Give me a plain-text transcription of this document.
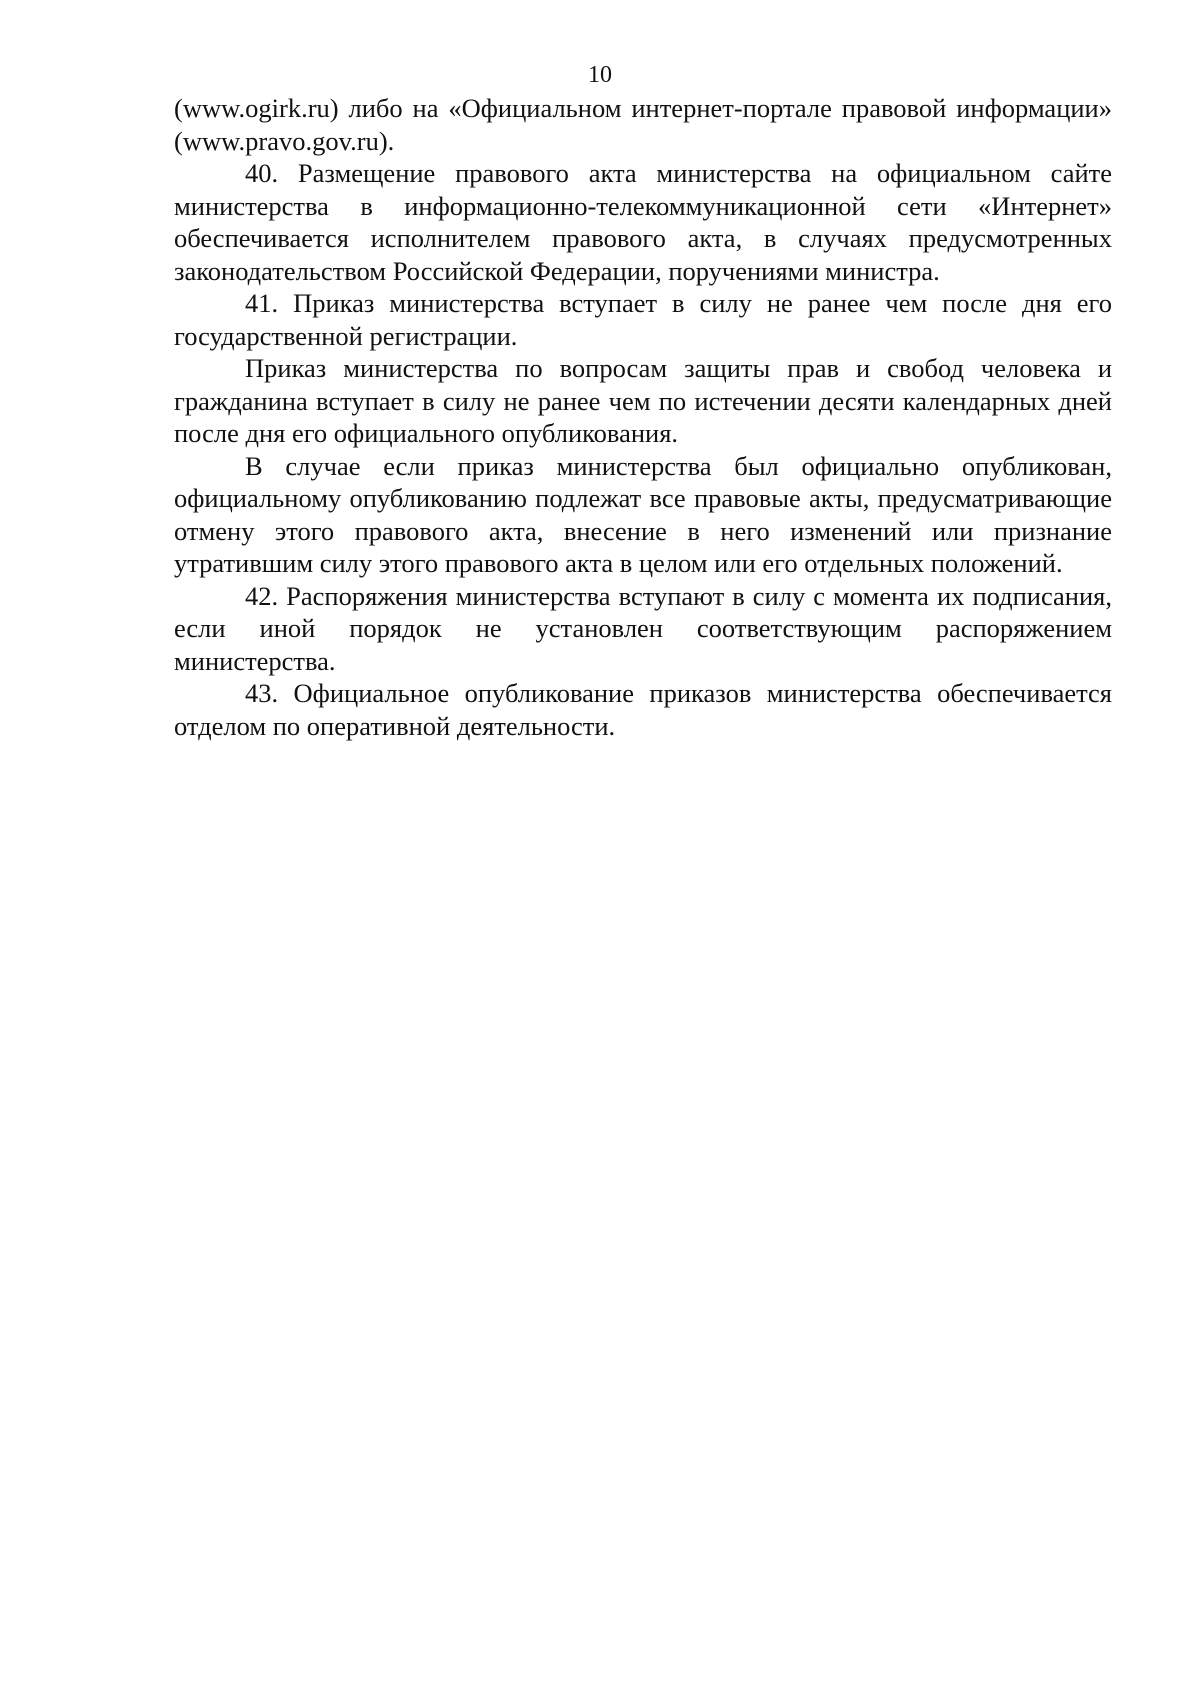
10

(www.ogirk.ru) либо на «Официальном интернет-портале правовой информации» (www.pravo.gov.ru).

40. Размещение правового акта министерства на официальном сайте министерства в информационно-телекоммуникационной сети «Интернет» обеспечивается исполнителем правового акта, в случаях предусмотренных законодательством Российской Федерации, поручениями министра.

41. Приказ министерства вступает в силу не ранее чем после дня его государственной регистрации.

Приказ министерства по вопросам защиты прав и свобод человека и гражданина вступает в силу не ранее чем по истечении десяти календарных дней после дня его официального опубликования.

В случае если приказ министерства был официально опубликован, официальному опубликованию подлежат все правовые акты, предусматривающие отмену этого правового акта, внесение в него изменений или признание утратившим силу этого правового акта в целом или его отдельных положений.

42. Распоряжения министерства вступают в силу с момента их подписания, если иной порядок не установлен соответствующим распоряжением министерства.

43. Официальное опубликование приказов министерства обеспечивается отделом по оперативной деятельности.
